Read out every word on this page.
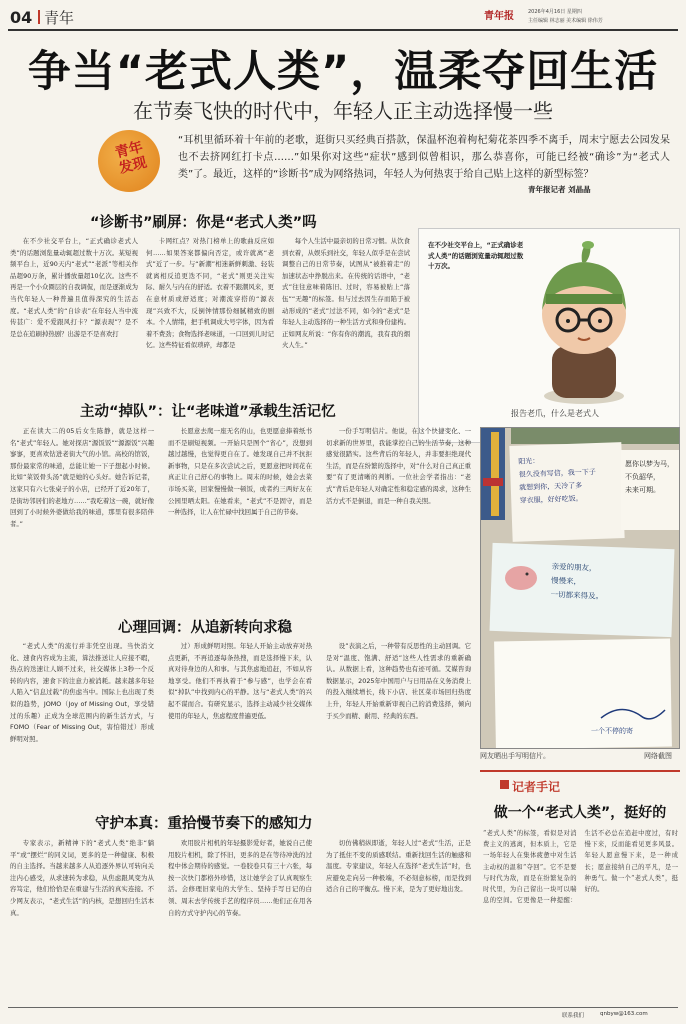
04 青年	青年报	2026年4月16日 星期四
主任编辑 林志丽 美术编辑 徐伟芳
争当“老式人类”，温柔夺回生活
在节奏飞快的时代中，年轻人正主动选择慢一些
青年
发现
“耳机里循环着十年前的老歌，逛街只买经典百搭款，保温杯泡着枸杞菊花茶四季不离手，周末宁愿去公园发呆也不去挤网红打卡点……”如果你对这些“症状”感到似曾相识，那么恭喜你，可能已经被“确诊”为“老式人类”了。最近，这样的“诊断书”成为网络热词，年轻人为何热衷于给自己贴上这样的新型标签？
青年报记者 刘晶晶
“诊断书”刷屏：你是“老式人类”吗

在不少社交平台上，“正式确诊老式人类”的话题浏览量动辄超过数十万次。某短视频平台上，近90天内“老式”“老派”等相关作品超90万条，累计播放量超10亿次。这些不再是一个小众圈层的自我调侃，而是逐渐成为当代年轻人一种普遍且值得深究的生活态度。“老式人类”的“自诊表”在年轻人当中流传甚广：爱不爱跟风打卡？“源表现”？是不是总在追刷掉热剧？出游是不是喜欢打

卡网红点？对热门榜单上的歌曲反应如何……如果答案都偏向否定，或许就离“老式”近了一步。与“新潮”相迷新鲜刺激、轻装就离相反追更迭不同，“老式”则更关注实际、耐久与内在的舒适。衣着不跟潮风来，更在意材质或舒适度；对潮流穿搭的“源表现”兴致不大，反倒钟情那份细腻精致的剧本。个人情绪，把手机调成大号字体，因为看着不费劲；食物选择老味道，一口回到儿时记忆。这些特征看似琐碎，却都是

每个人生活中最亲切的日常习惯。从饮食到衣着，从娱乐到社交，年轻人似乎是在尝试调整自己的日常节奏，试图从“被推着走”的加速状态中挣脱出来。在传统的话语中，“老式”往往意味着陈旧、过时，容易被贴上“落伍”“无趣”的标签。但与过去因生存而陷于被动形成的“老式”过法不同，如今的“老式”是年轻人主动选择的一种生活方式和身份建构。正如网友所说：“你有你的潮流，我有我的烟火人生。”

在不少社交平台上，“正式确诊老式人类”的话题浏览量动辄超过数十万次。
报告老爪，什么是老式人
主动“掉队”：让“老味道”承载生活记忆

正在读大二的05后女生陈静，就是这样一名“老式”年轻人。她对探店“源饭饭”“源源饭”兴趣寥寥，更喜欢钻进老街大气的小馆。高校的馆饭，那份最家常的味道，总能让她一下子想起小时候。比如“菜饭骨头汤”就是她的心头好。她告诉记者，这家只有六七张桌子的小店，已经开了近20年了，是街坊邻居们的老地方……“我吃着这一碗，就好像回到了小时候外婆做给我的味道，那里有很多陪伴者。”

长愿意去爬一座无名的山，也更愿意捧着纸书而不是刷短视频。一开始只是图个“省心”，没想到越过越慢，也觉得更自在了。她发现自己并不抗拒新事物，只是在多次尝试之后，更愿意把时间花在真正让自己舒心的事物上。周末的时候，她会去菜市场买菜，回家慢慢做一顿饭，或者约三两好友在公园里晒太阳。在她看来，“老式”不是固守，而是一种选择，让人在忙碌中找回属于自己的节奏。

一份手写明信片。他说，在这个快捷变化、一切求新的世界里，我能掌控自己的生活节奏，这种感觉很踏实。这些背后的年轻人，并非要拒绝现代生活，而是在纷繁的选择中，对“什么对自己真正重要”有了更清晰的判断。一位社会学者指出：“老式”背后是年轻人对确定性和稳定感的渴求，这种生活方式不是倒退，而是一种自我关照。

阳光：
很久没有写信，我一下子
就想到你，天冷了多
穿衣服，好好吃饭。
愿你以梦为马，
不负韶华，
未来可期。
亲爱的朋友，
慢慢来，
一切都来得及。
一个不停的寄
网友晒出手写明信片。	网络截图
心理回调：从追新转向求稳

“老式人类”的流行并非凭空出现。当快消文化、速食内容成为主流，算法推送让人应接不暇，热点的迭速让人顾不过来，社交媒体上3秒一个反转的内容，速食下的注意力被消耗。越来越多年轻人陷入“信息过载”的焦虑当中。国际上也出现了类似的趋势，JOMO（Joy of Missing Out，享受错过的乐趣）正成为全球范围内的新生活方式，与FOMO（Fear of Missing Out，害怕错过）形成鲜明对照。

过）形成鲜明对照。年轻人开始主动放弃对热点更新，不再追逐每条热搜，而是选择慢下来，认真对待身边的人和事。与其焦虑地追赶，不如从容地享受。他们不再执着于“参与感”，也学会在看似“掉队”中找到内心的平静。这与“老式人类”的兴起不谋而合。有研究显示，选择主动减少社交媒体使用的年轻人，焦虑程度普遍更低。

设”表演之后，一种带有反思性的主动回调。它是对“温度、饱满、舒适”这些人性需求的重新确认。从数据上看，这种趋势也有迹可循。艾媒咨询数据显示，2025年中国用户与日用品在义务消费上的投入继续增长，线下小店、社区菜市场回归热度上升，年轻人开始重新审视自己的消费选择，倾向于买少而精、耐用、经典的东西。

守护本真：重拾慢节奏下的感知力

专家表示，新精神下的“老式人类”绝非“躺平”或“摆烂”的同义词，更多的是一种健康、积极的自主选择。当越来越多人从追逐外界认可转向关注内心感受，从求速转为求稳，从焦虑跟风变为从容笃定，他们恰恰是在重建与生活的真实连接。不少网友表示，“老式生活”的内核，是想回归生活本真。

欢用胶片相机的年轻摄影爱好者，她说自己使用胶片相机，除了怀旧，更多的是在等待冲洗的过程中体会期待的感觉。一卷胶卷只有三十六张，每按一次快门都格外珍惜，这让她学会了认真观察生活。会修理旧家电的大学生、坚持手写日记的白领、周末去学传统手艺的程序员……他们正在用各自的方式守护内心的节奏。

切仿佛稍纵即逝，年轻人过“老式”生活，正是为了抵住不变的质感联结。重新找回生活的触感和温度。专家建议，年轻人在选择“老式生活”时，也应避免走向另一种极端，不必刻意标榜，而是找到适合自己的平衡点。慢下来，是为了更好地出发。

记者手记
做一个“老式人类”，挺好的
“老式人类”的标签，看似是对消费主义的逃离，但本质上，它是一场年轻人在集体疲惫中对生活主动权的温和“夺回”。它不是要与时代为敌，而是在纷繁复杂的时代里，为自己留出一块可以喘息的空间。它更像是一种提醒：生活不必总在追赶中度过，有时慢下来，反而能看见更多风景。年轻人愿意慢下来，是一种成长；愿意接纳自己的平凡，是一种勇气。做一个“老式人类”，挺好的。
联系我们	qnbyw@163.com
